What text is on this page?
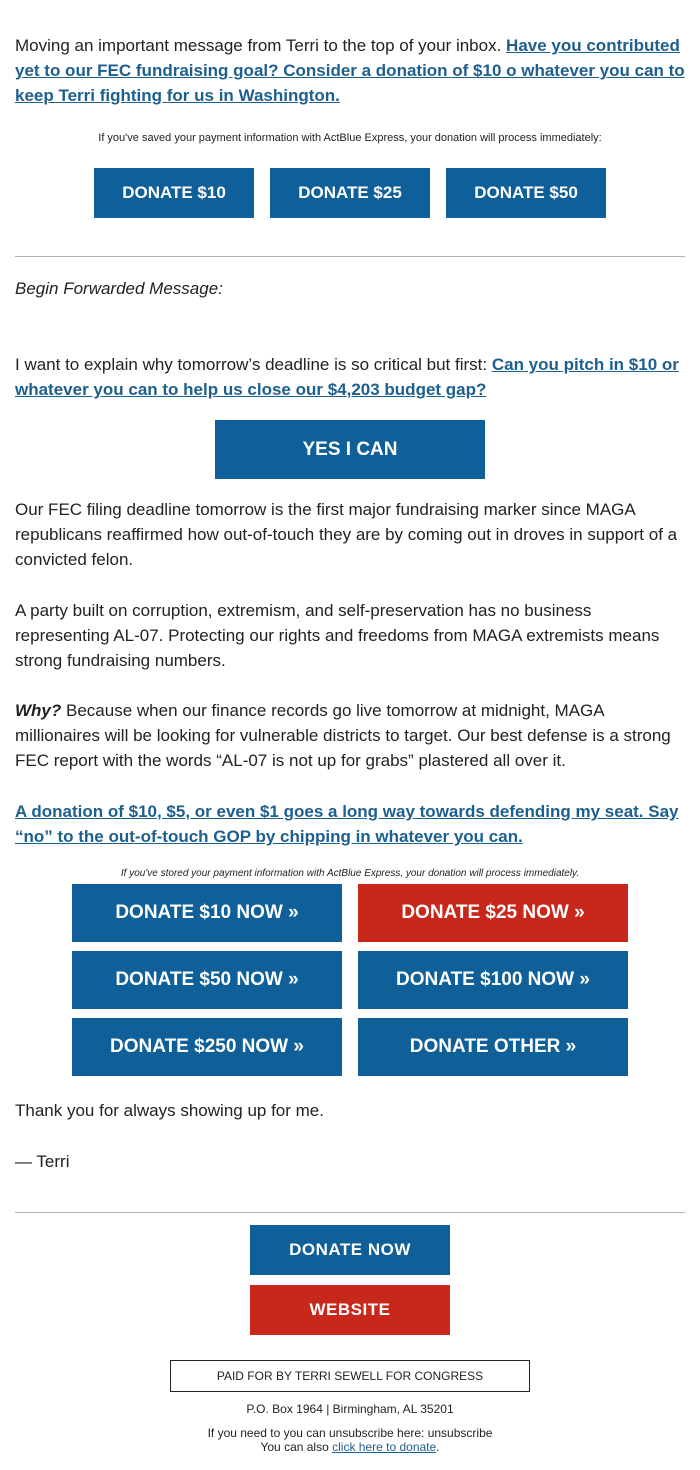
Moving an important message from Terri to the top of your inbox. Have you contributed yet to our FEC fundraising goal? Consider a donation of $10 o whatever you can to keep Terri fighting for us in Washington.

If you've saved your payment information with ActBlue Express, your donation will process immediately:
DONATE $10	DONATE $25	DONATE $50

Begin Forwarded Message:

I want to explain why tomorrow’s deadline is so critical but first: Can you pitch in $10 or whatever you can to help us close our $4,203 budget gap?

YES I CAN

Our FEC filing deadline tomorrow is the first major fundraising marker since MAGA republicans reaffirmed how out-of-touch they are by coming out in droves in support of a convicted felon.

A party built on corruption, extremism, and self-preservation has no business representing AL-07. Protecting our rights and freedoms from MAGA extremists means strong fundraising numbers.

Why? Because when our finance records go live tomorrow at midnight, MAGA millionaires will be looking for vulnerable districts to target. Our best defense is a strong FEC report with the words “AL-07 is not up for grabs” plastered all over it.

A donation of $10, $5, or even $1 goes a long way towards defending my seat. Say “no” to the out-of-touch GOP by chipping in whatever you can.

If you've stored your payment information with ActBlue Express, your donation will process immediately.
DONATE $10 NOW »	DONATE $25 NOW »
DONATE $50 NOW »	DONATE $100 NOW »
DONATE $250 NOW »	DONATE OTHER »

Thank you for always showing up for me.

— Terri

DONATE NOW
WEBSITE
PAID FOR BY TERRI SEWELL FOR CONGRESS
P.O. Box 1964 | Birmingham, AL 35201
If you need to you can unsubscribe here: unsubscribe
You can also click here to donate.
